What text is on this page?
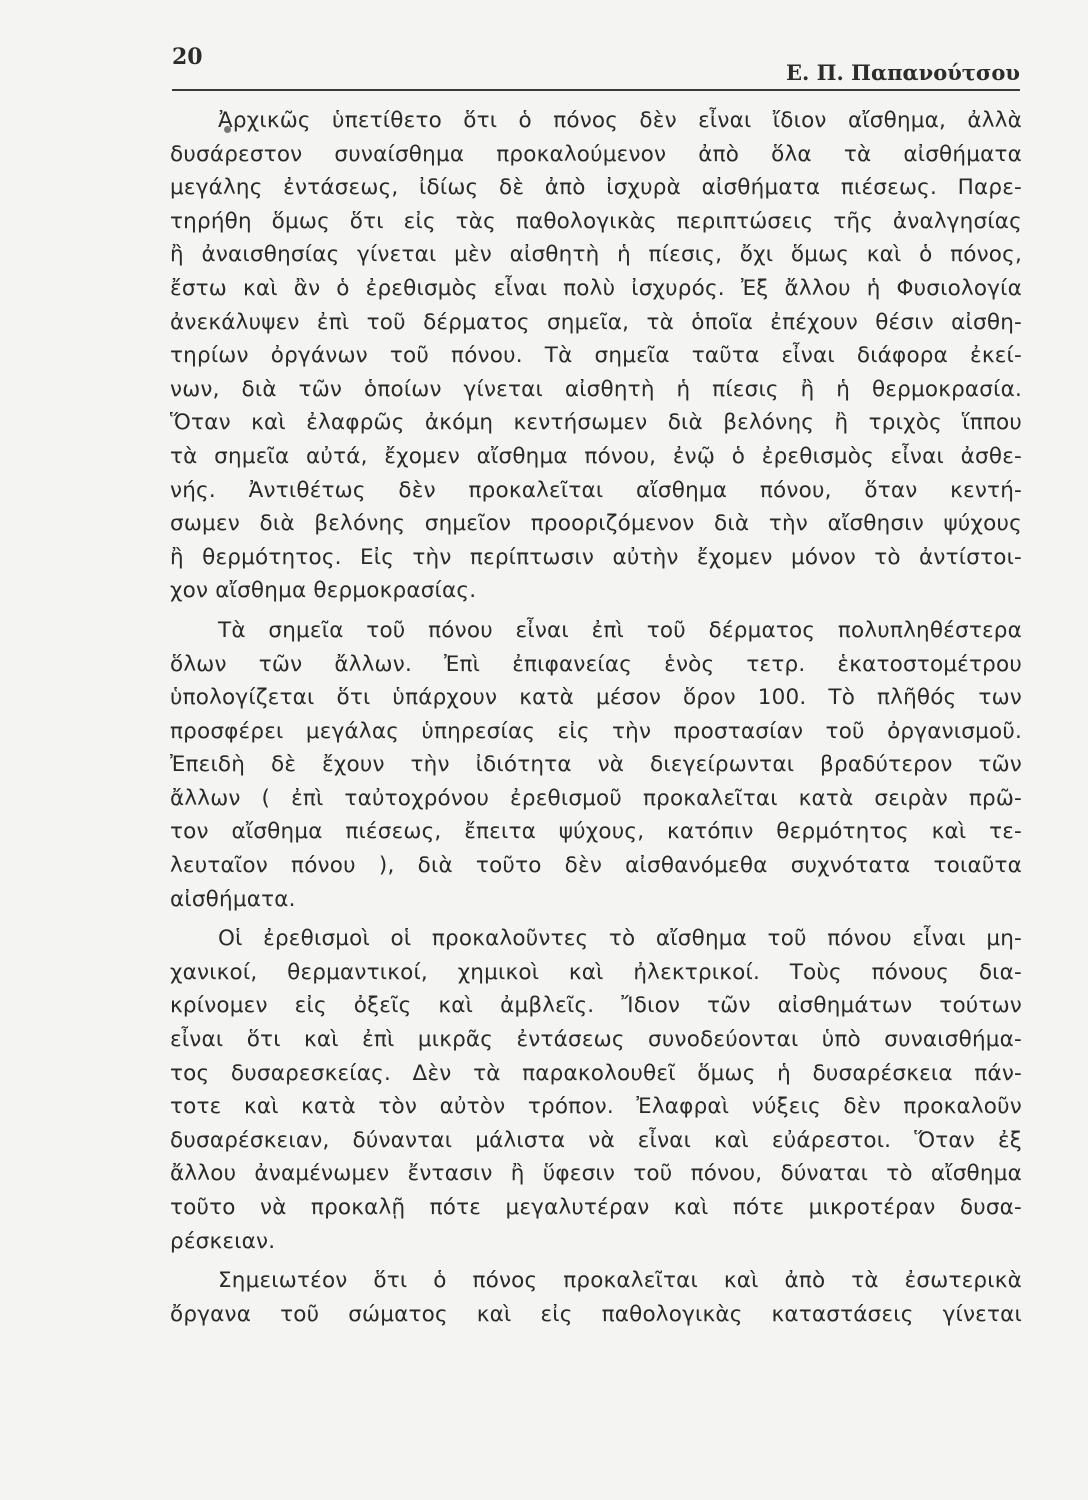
20
Ε. Π. Παπανούτσου
Ἀρχικῶς ὑπετίθετο ὅτι ὁ πόνος δὲν εἶναι ἴδιον αἴσθημα, ἀλλὰ
δυσάρεστον συναίσθημα προκαλούμενον ἀπὸ ὅλα τὰ αἰσθήματα
μεγάλης ἐντάσεως, ἰδίως δὲ ἀπὸ ἰσχυρὰ αἰσθήματα πιέσεως. Παρε-
τηρήθη ὅμως ὅτι εἰς τὰς παθολογικὰς περιπτώσεις τῆς ἀναλγησίας
ἢ ἀναισθησίας γίνεται μὲν αἰσθητὴ ἡ πίεσις, ὄχι ὅμως καὶ ὁ πόνος,
ἔστω καὶ ἂν ὁ ἐρεθισμὸς εἶναι πολὺ ἰσχυρός. Ἐξ ἄλλου ἡ Φυσιολογία
ἀνεκάλυψεν ἐπὶ τοῦ δέρματος σημεῖα, τὰ ὁποῖα ἐπέχουν θέσιν αἰσθη-
τηρίων ὀργάνων τοῦ πόνου. Τὰ σημεῖα ταῦτα εἶναι διάφορα ἐκεί-
νων, διὰ τῶν ὁποίων γίνεται αἰσθητὴ ἡ πίεσις ἢ ἡ θερμοκρασία.
Ὅταν καὶ ἐλαφρῶς ἀκόμη κεντήσωμεν διὰ βελόνης ἢ τριχὸς ἵππου
τὰ σημεῖα αὐτά, ἔχομεν αἴσθημα πόνου, ἐνῷ ὁ ἐρεθισμὸς εἶναι ἀσθε-
νής. Ἀντιθέτως δὲν προκαλεῖται αἴσθημα πόνου, ὅταν κεντή-
σωμεν διὰ βελόνης σημεῖον προοριζόμενον διὰ τὴν αἴσθησιν ψύχους
ἢ θερμότητος. Εἰς τὴν περίπτωσιν αὐτὴν ἔχομεν μόνον τὸ ἀντίστοι-
χον αἴσθημα θερμοκρασίας.
Τὰ σημεῖα τοῦ πόνου εἶναι ἐπὶ τοῦ δέρματος πολυπληθέστερα
ὅλων τῶν ἄλλων. Ἐπὶ ἐπιφανείας ἑνὸς τετρ. ἑκατοστομέτρου
ὑπολογίζεται ὅτι ὑπάρχουν κατὰ μέσον ὅρον 100. Τὸ πλῆθός των
προσφέρει μεγάλας ὑπηρεσίας εἰς τὴν προστασίαν τοῦ ὀργανισμοῦ.
Ἐπειδὴ δὲ ἔχουν τὴν ἰδιότητα νὰ διεγείρωνται βραδύτερον τῶν
ἄλλων ( ἐπὶ ταὐτοχρόνου ἐρεθισμοῦ προκαλεῖται κατὰ σειρὰν πρῶ-
τον αἴσθημα πιέσεως, ἔπειτα ψύχους, κατόπιν θερμότητος καὶ τε-
λευταῖον πόνου ), διὰ τοῦτο δὲν αἰσθανόμεθα συχνότατα τοιαῦτα
αἰσθήματα.
Οἱ ἐρεθισμοὶ οἱ προκαλοῦντες τὸ αἴσθημα τοῦ πόνου εἶναι μη-
χανικοί, θερμαντικοί, χημικοὶ καὶ ἠλεκτρικοί. Τοὺς πόνους δια-
κρίνομεν εἰς ὀξεῖς καὶ ἀμβλεῖς. Ἴδιον τῶν αἰσθημάτων τούτων
εἶναι ὅτι καὶ ἐπὶ μικρᾶς ἐντάσεως συνοδεύονται ὑπὸ συναισθήμα-
τος δυσαρεσκείας. Δὲν τὰ παρακολουθεῖ ὅμως ἡ δυσαρέσκεια πάν-
τοτε καὶ κατὰ τὸν αὐτὸν τρόπον. Ἐλαφραὶ νύξεις δὲν προκαλοῦν
δυσαρέσκειαν, δύνανται μάλιστα νὰ εἶναι καὶ εὐάρεστοι. Ὅταν ἐξ
ἄλλου ἀναμένωμεν ἔντασιν ἢ ὕφεσιν τοῦ πόνου, δύναται τὸ αἴσθημα
τοῦτο νὰ προκαλῇ πότε μεγαλυτέραν καὶ πότε μικροτέραν δυσα-
ρέσκειαν.
Σημειωτέον ὅτι ὁ πόνος προκαλεῖται καὶ ἀπὸ τὰ ἐσωτερικὰ
ὄργανα τοῦ σώματος καὶ εἰς παθολογικὰς καταστάσεις γίνεται
